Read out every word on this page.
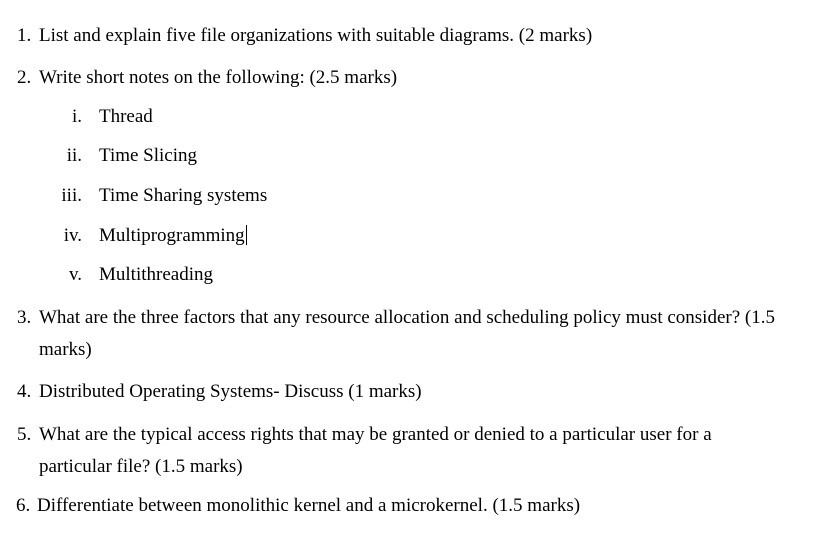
1. List and explain five file organizations with suitable diagrams. (2 marks)
2. Write short notes on the following: (2.5 marks)
i. Thread
ii. Time Slicing
iii. Time Sharing systems
iv. Multiprogramming
v. Multithreading
3. What are the three factors that any resource allocation and scheduling policy must consider? (1.5
marks)
4. Distributed Operating Systems- Discuss (1 marks)
5. What are the typical access rights that may be granted or denied to a particular user for a
particular file? (1.5 marks)
6. Differentiate between monolithic kernel and a microkernel. (1.5 marks)
